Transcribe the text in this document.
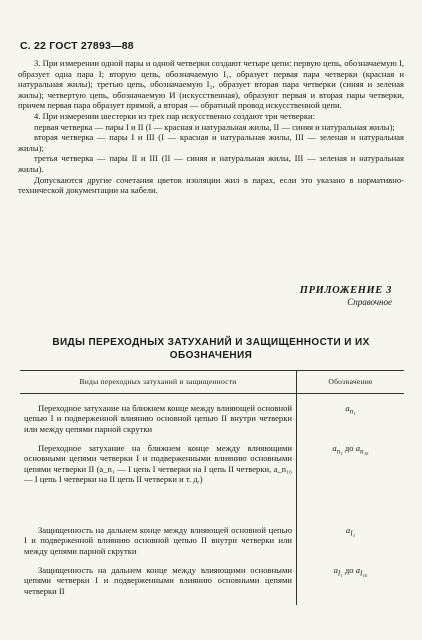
С. 22 ГОСТ 27893—88

3. При измерении одной пары и одной четверки создают четыре цепи: первую цепь, обозначаемую I, образует одна пара I; вторую цепь, обозначаемую I₁, образует первая пара четверки (красная и натуральная жилы); третью цепь, обозначаемую I₂, образует вторая пара четверки (синяя и зеленая жилы); четвертую цепь, обозначаемую И (искусственная), образуют первая и вторая пары четверки, причем первая пара образует прямой, а вторая — обратный провод искусственной цепи.

4. При измерении шестерки из трех пар искусственно создают три четверки:

первая четверка — пары I и II (I — красная и натуральная жилы, II — синяя и натуральная жилы);

вторая четверка — пары I и III (I — красная и натуральная жилы, III — зеленая и натуральная жилы);

третья четверка — пары II и III (II — синяя и натуральная жилы, III — зеленая и натуральная жилы).

Допускаются другие сочетания цветов изоляции жил в парах, если это указано в нормативно-технической документации на кабели.

ПРИЛОЖЕНИЕ 3
Справочное
ВИДЫ ПЕРЕХОДНЫХ ЗАТУХАНИЙ И ЗАЩИЩЕННОСТИ И ИХ
ОБОЗНАЧЕНИЯ
Виды переходных затуханий и защищенности	Обозначение
Переходное затухание на ближнем конце между влияющей основной цепью I и подверженной влиянию основной цепью II внутри четверки или между цепями парной скрутки	$a_{n_1}$
Переходное затухание на ближнем конце между влияющими основными цепями четверки I и подверженными влиянию основными цепями четверки II (a_n₁ — I цепь I четверки на I цепь II четверки, a_n₁₆ — I цепь I четверки на II цепь II четверки и т. д.)	$a_{n_1}$ до $a_{n_{16}}$
Защищенность на дальнем конце между влияющей основной цепью I и подверженной влиянию основной цепью II внутри четверки или между цепями парной скрутки	$a_{I_1}$
Защищенность на дальнем конце между влияющими основными цепями четверки I и подверженными влиянию основными цепями четверки II	$a_{I_1}$ до $a_{I_{16}}$
